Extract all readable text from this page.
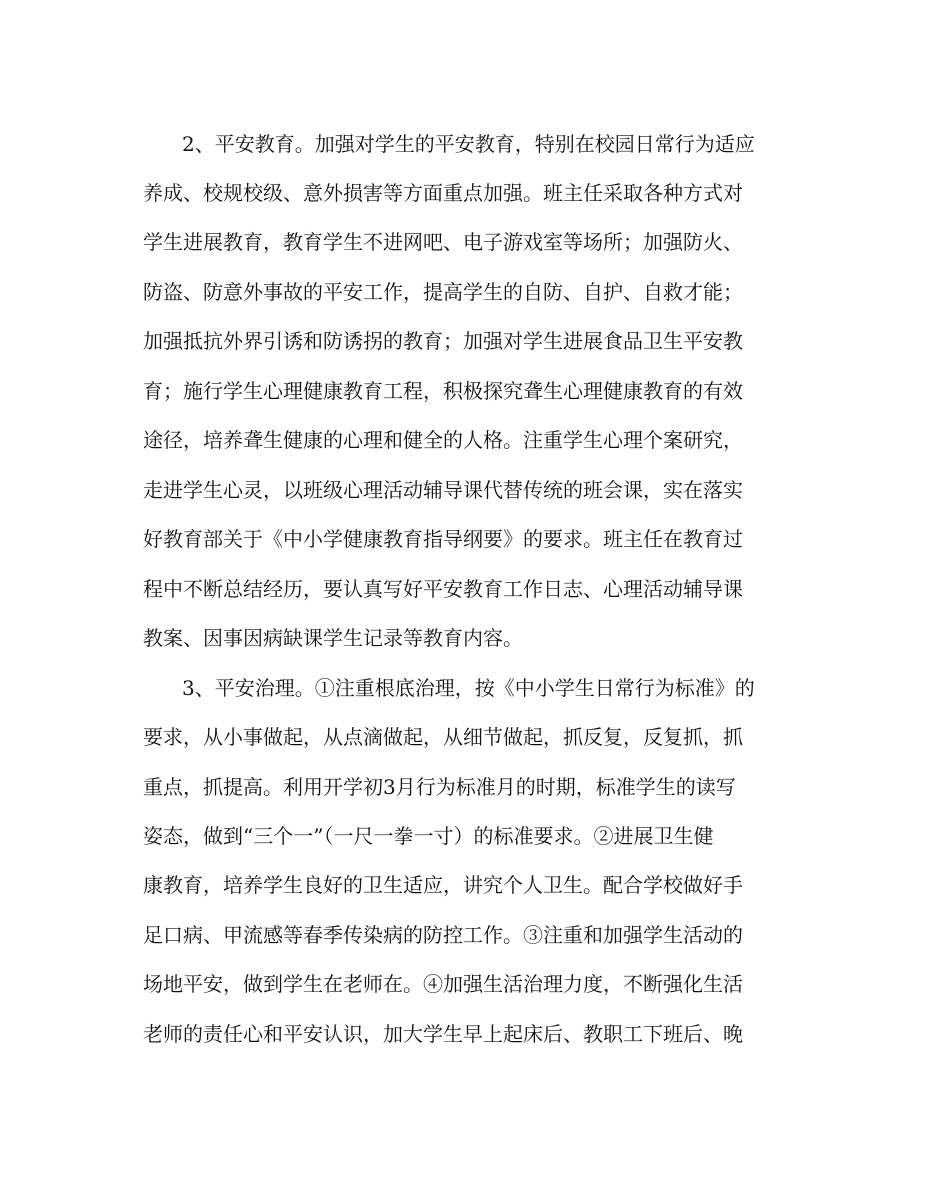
2、平安教育。加强对学生的平安教育，特别在校园日常行为适应

养成、校规校级、意外损害等方面重点加强。班主任采取各种方式对

学生进展教育，教育学生不进网吧、电子游戏室等场所；加强防火、

防盗、防意外事故的平安工作，提高学生的自防、自护、自救才能；

加强抵抗外界引诱和防诱拐的教育；加强对学生进展食品卫生平安教

育；施行学生心理健康教育工程，积极探究聋生心理健康教育的有效

途径，培养聋生健康的心理和健全的人格。注重学生心理个案研究，

走进学生心灵，以班级心理活动辅导课代替传统的班会课，实在落实

好教育部关于《中小学健康教育指导纲要》的要求。班主任在教育过

程中不断总结经历，要认真写好平安教育工作日志、心理活动辅导课

教案、因事因病缺课学生记录等教育内容。

3、平安治理。①注重根底治理，按《中小学生日常行为标准》的

要求，从小事做起，从点滴做起，从细节做起，抓反复，反复抓，抓

重点，抓提高。利用开学初3月行为标准月的时期，标准学生的读写

姿态，做到“三个一”（一尺一拳一寸）的标准要求。②进展卫生健

康教育，培养学生良好的卫生适应，讲究个人卫生。配合学校做好手

足口病、甲流感等春季传染病的防控工作。③注重和加强学生活动的

场地平安，做到学生在老师在。④加强生活治理力度，不断强化生活

老师的责任心和平安认识，加大学生早上起床后、教职工下班后、晚
